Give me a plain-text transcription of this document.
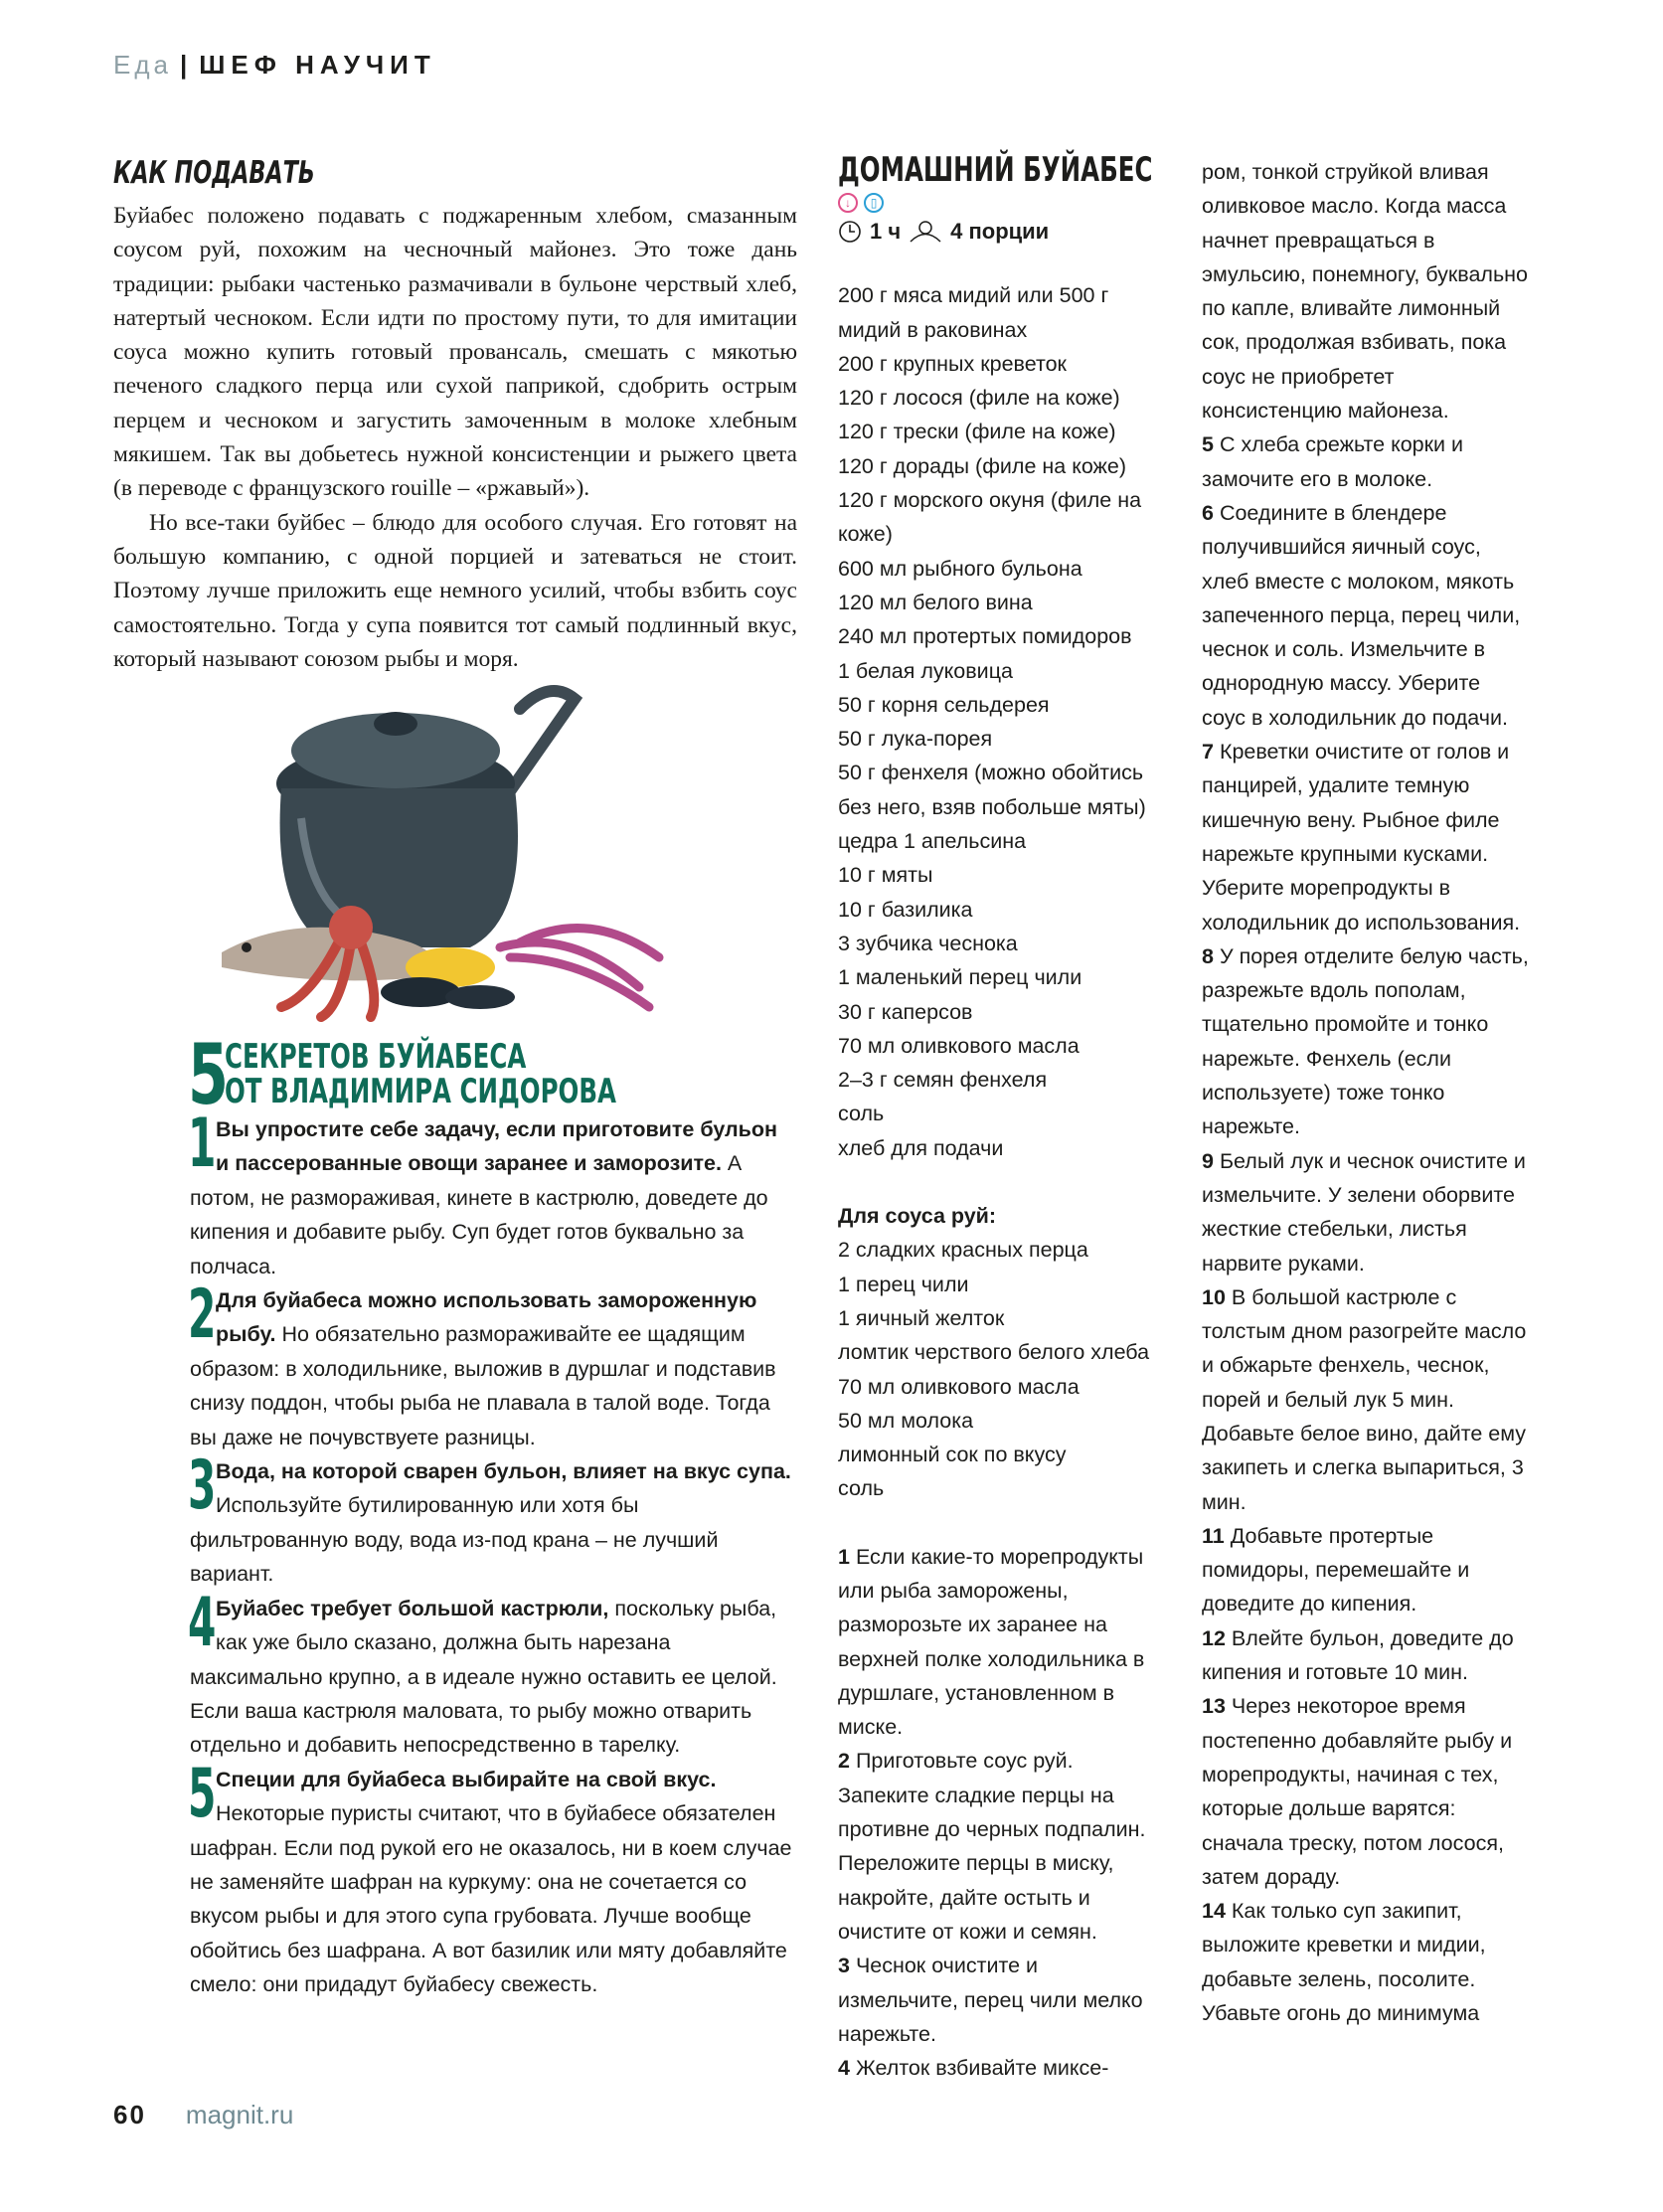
Еда | ШЕФ НАУЧИТ
КАК ПОДАВАТЬ

Буйабес положено подавать с поджаренным хлебом, смазанным соусом руй, похожим на чесночный майонез. Это тоже дань традиции: рыбаки частенько размачивали в бульоне черствый хлеб, натертый чесноком. Если идти по простому пути, то для имитации соуса можно купить готовый провансаль, смешать с мякотью печеного сладкого перца или сухой паприкой, сдобрить острым перцем и чесноком и загустить замоченным в молоке хлебным мякишем. Так вы добьетесь нужной консистенции и рыжего цвета (в переводе с французского rouille – «ржавый»).

Но все-таки буйбес – блюдо для особого случая. Его готовят на большую компанию, с одной порцией и затеваться не стоит. Поэтому лучше приложить еще немного усилий, чтобы взбить соус самостоятельно. Тогда у супа появится тот самый подлинный вкус, который называют союзом рыбы и моря.

5
СЕКРЕТОВ БУЙАБЕСА
ОТ ВЛАДИМИРА СИДОРОВА
1 Вы упростите себе задачу, если приготовите бульон и пассерованные овощи заранее и заморозите. А потом, не размораживая, кинете в кастрюлю, доведете до кипения и добавите рыбу. Суп будет готов буквально за полчаса.
2 Для буйабеса можно использовать замороженную рыбу. Но обязательно размораживайте ее щадящим образом: в холодильнике, выложив в дуршлаг и подставив снизу поддон, чтобы рыба не плавала в талой воде. Тогда вы даже не почувствуете разницы.
3 Вода, на которой сварен бульон, влияет на вкус супа. Используйте бутилированную или хотя бы фильтрованную воду, вода из-под крана – не лучший вариант.
4 Буйабес требует большой кастрюли, поскольку рыба, как уже было сказано, должна быть нарезана максимально крупно, а в идеале нужно оставить ее целой. Если ваша кастрюля маловата, то рыбу можно отварить отдельно и добавить непосредственно в тарелку.
5 Специи для буйабеса выбирайте на свой вкус. Некоторые пуристы считают, что в буйабесе обязателен шафран. Если под рукой его не оказалось, ни в коем случае не заменяйте шафран на куркуму: она не сочетается со вкусом рыбы и для этого супа грубовата. Лучше вообще обойтись без шафрана. А вот базилик или мяту добавляйте смело: они придадут буйабесу свежесть.
ДОМАШНИЙ БУЙАБЕС
↓	▯
1 ч 4 порции
200 г мяса мидий или 500 г мидий в раковинах
200 г крупных креветок
120 г лосося (филе на коже)
120 г трески (филе на коже)
120 г дорады (филе на коже)
120 г морского окуня (филе на коже)
600 мл рыбного бульона
120 мл белого вина
240 мл протертых помидоров
1 белая луковица
50 г корня сельдерея
50 г лука-порея
50 г фенхеля (можно обойтись без него, взяв побольше мяты)
цедра 1 апельсина
10 г мяты
10 г базилика
3 зубчика чеснока
1 маленький перец чили
30 г каперсов
70 мл оливкового масла
2–3 г семян фенхеля
соль
хлеб для подачи
Для соуса руй:
2 сладких красных перца
1 перец чили
1 яичный желток
ломтик черствого белого хлеба
70 мл оливкового масла
50 мл молока
лимонный сок по вкусу
соль
1 Если какие-то морепродукты или рыба заморожены, разморозьте их заранее на верхней полке холодильника в дуршлаге, установленном в миске.
2 Приготовьте соус руй. Запеките сладкие перцы на противне до черных подпалин. Переложите перцы в миску, накройте, дайте остыть и очистите от кожи и семян.
3 Чеснок очистите и измельчите, перец чили мелко нарежьте.
4 Желток взбивайте миксе-
ром, тонкой струйкой вливая оливковое масло. Когда масса начнет превращаться в эмульсию, понемногу, буквально по капле, вливайте лимонный сок, продолжая взбивать, пока соус не приобретет консистенцию майонеза.
5 С хлеба срежьте корки и замочите его в молоке.
6 Соедините в блендере получившийся яичный соус, хлеб вместе с молоком, мякоть запеченного перца, перец чили, чеснок и соль. Измельчите в однородную массу. Уберите соус в холодильник до подачи.
7 Креветки очистите от голов и панцирей, удалите темную кишечную вену. Рыбное филе нарежьте крупными кусками. Уберите морепродукты в холодильник до использования.
8 У порея отделите белую часть, разрежьте вдоль пополам, тщательно промойте и тонко нарежьте. Фенхель (если используете) тоже тонко нарежьте.
9 Белый лук и чеснок очистите и измельчите. У зелени оборвите жесткие стебельки, листья нарвите руками.
10 В большой кастрюле с толстым дном разогрейте масло и обжарьте фенхель, чеснок, порей и белый лук 5 мин. Добавьте белое вино, дайте ему закипеть и слегка выпариться, 3 мин.
11 Добавьте протертые помидоры, перемешайте и доведите до кипения.
12 Влейте бульон, доведите до кипения и готовьте 10 мин.
13 Через некоторое время постепенно добавляйте рыбу и морепродукты, начиная с тех, которые дольше варятся: сначала треску, потом лосося, затем дораду.
14 Как только суп закипит, выложите креветки и мидии, добавьте зелень, посолите. Убавьте огонь до минимума
60 magnit.ru
